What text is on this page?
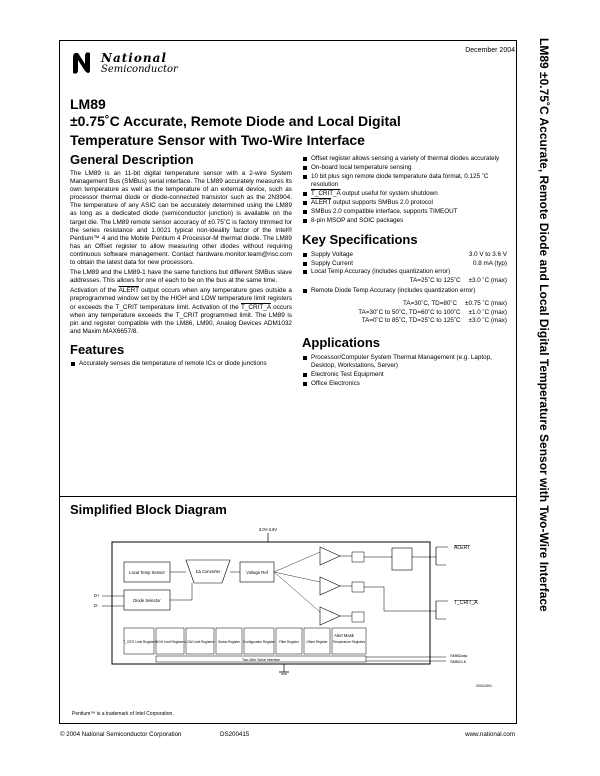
National
Semiconductor
December 2004
LM89
±0.75˚C Accurate, Remote Diode and Local Digital
Temperature Sensor with Two-Wire Interface
General Description
The LM89 is an 11-bit digital temperature sensor with a 2-wire System Management Bus (SMBus) serial interface. The LM89 accurately measures its own temperature as well as the temperature of an external device, such as processor thermal diode or diode-connected transistor such as the 2N3904. The temperature of any ASIC can be accurately determined using the LM89 as long as a dedicated diode (semiconductor junction) is available on the target die. The LM89 remote sensor accuracy of ±0.75˚C is factory trimmed for the series resistance and 1.0021 typical non-ideality factor of the Intel® Pentium™ 4 and the Mobile Pentium 4 Processor-M thermal diode. The LM89 has an Offset register to allow measuring other diodes without requiring continuous software management. Contact hardware.monitor.team@nsc.com to obtain the latest data for new processors.
The LM89 and the LM89-1 have the same functions but different SMBus slave addresses. This allows for one of each to be on the bus at the same time.
Activation of the ALERT output occurs when any temperature goes outside a preprogrammed window set by the HIGH and LOW temperature limit registers or exceeds the T_CRIT temperature limit. Activation of the T_CRIT_A occurs when any temperature exceeds the T_CRIT programmed limit. The LM89 is pin and register compatible with the LM86, LM90, Analog Devices ADM1032 and Maxim MAX6657/8.
Features
Accurately senses die temperature of remote ICs or diode junctions
Offset register allows sensing a variety of thermal diodes accurately
On-board local temperature sensing
10 bit plus sign remote diode temperature data format, 0.125 ˚C resolution
T_CRIT_A output useful for system shutdown
ALERT output supports SMBus 2.0 protocol
SMBus 2.0 compatible interface, supports TIMEOUT
8-pin MSOP and SOIC packages
Key Specifications
Supply Voltage	3.0 V to 3.6 V
Supply Current	0.8 mA (typ)
Local Temp Accuracy (includes quantization error)
TA=25˚C to 125˚C ±3.0 ˚C (max)
Remote Diode Temp Accuracy (includes quantization error)
TA=30˚C, TD=80˚C ±0.75 ˚C (max)
TA=30˚C to 50˚C, TD=60˚C to 100˚C ±1.0 ˚C (max)
TA=0˚C to 85˚C, TD=25˚C to 125˚C ±3.0 ˚C (max)
Applications
Processor/Computer System Thermal Management (e.g. Laptop, Desktop, Workstations, Server)
Electronic Test Equipment
Office Electronics
Simplified Block Diagram
3.0V-3.6V
D+
D-
Local Temp Sensor
Diode Selector
ΣΔ Converter	Voltage Ref
Alert Mask
ALERT
T_CRIT_A
T_CRIT Limit Register HIGH Limit Registers LOW Limit Registers Status Register Configuration Register Filter Register Offset Register Temperature Registers
Two-Wire Serial Interface
SMBData
SMBCLK
20041501
Pentium™ is a trademark of Intel Corporation.
© 2004 National Semiconductor Corporation	DS200415	www.national.com
LM89 ±0.75˚C Accurate, Remote Diode and Local Digital Temperature Sensor with Two-Wire Interface
